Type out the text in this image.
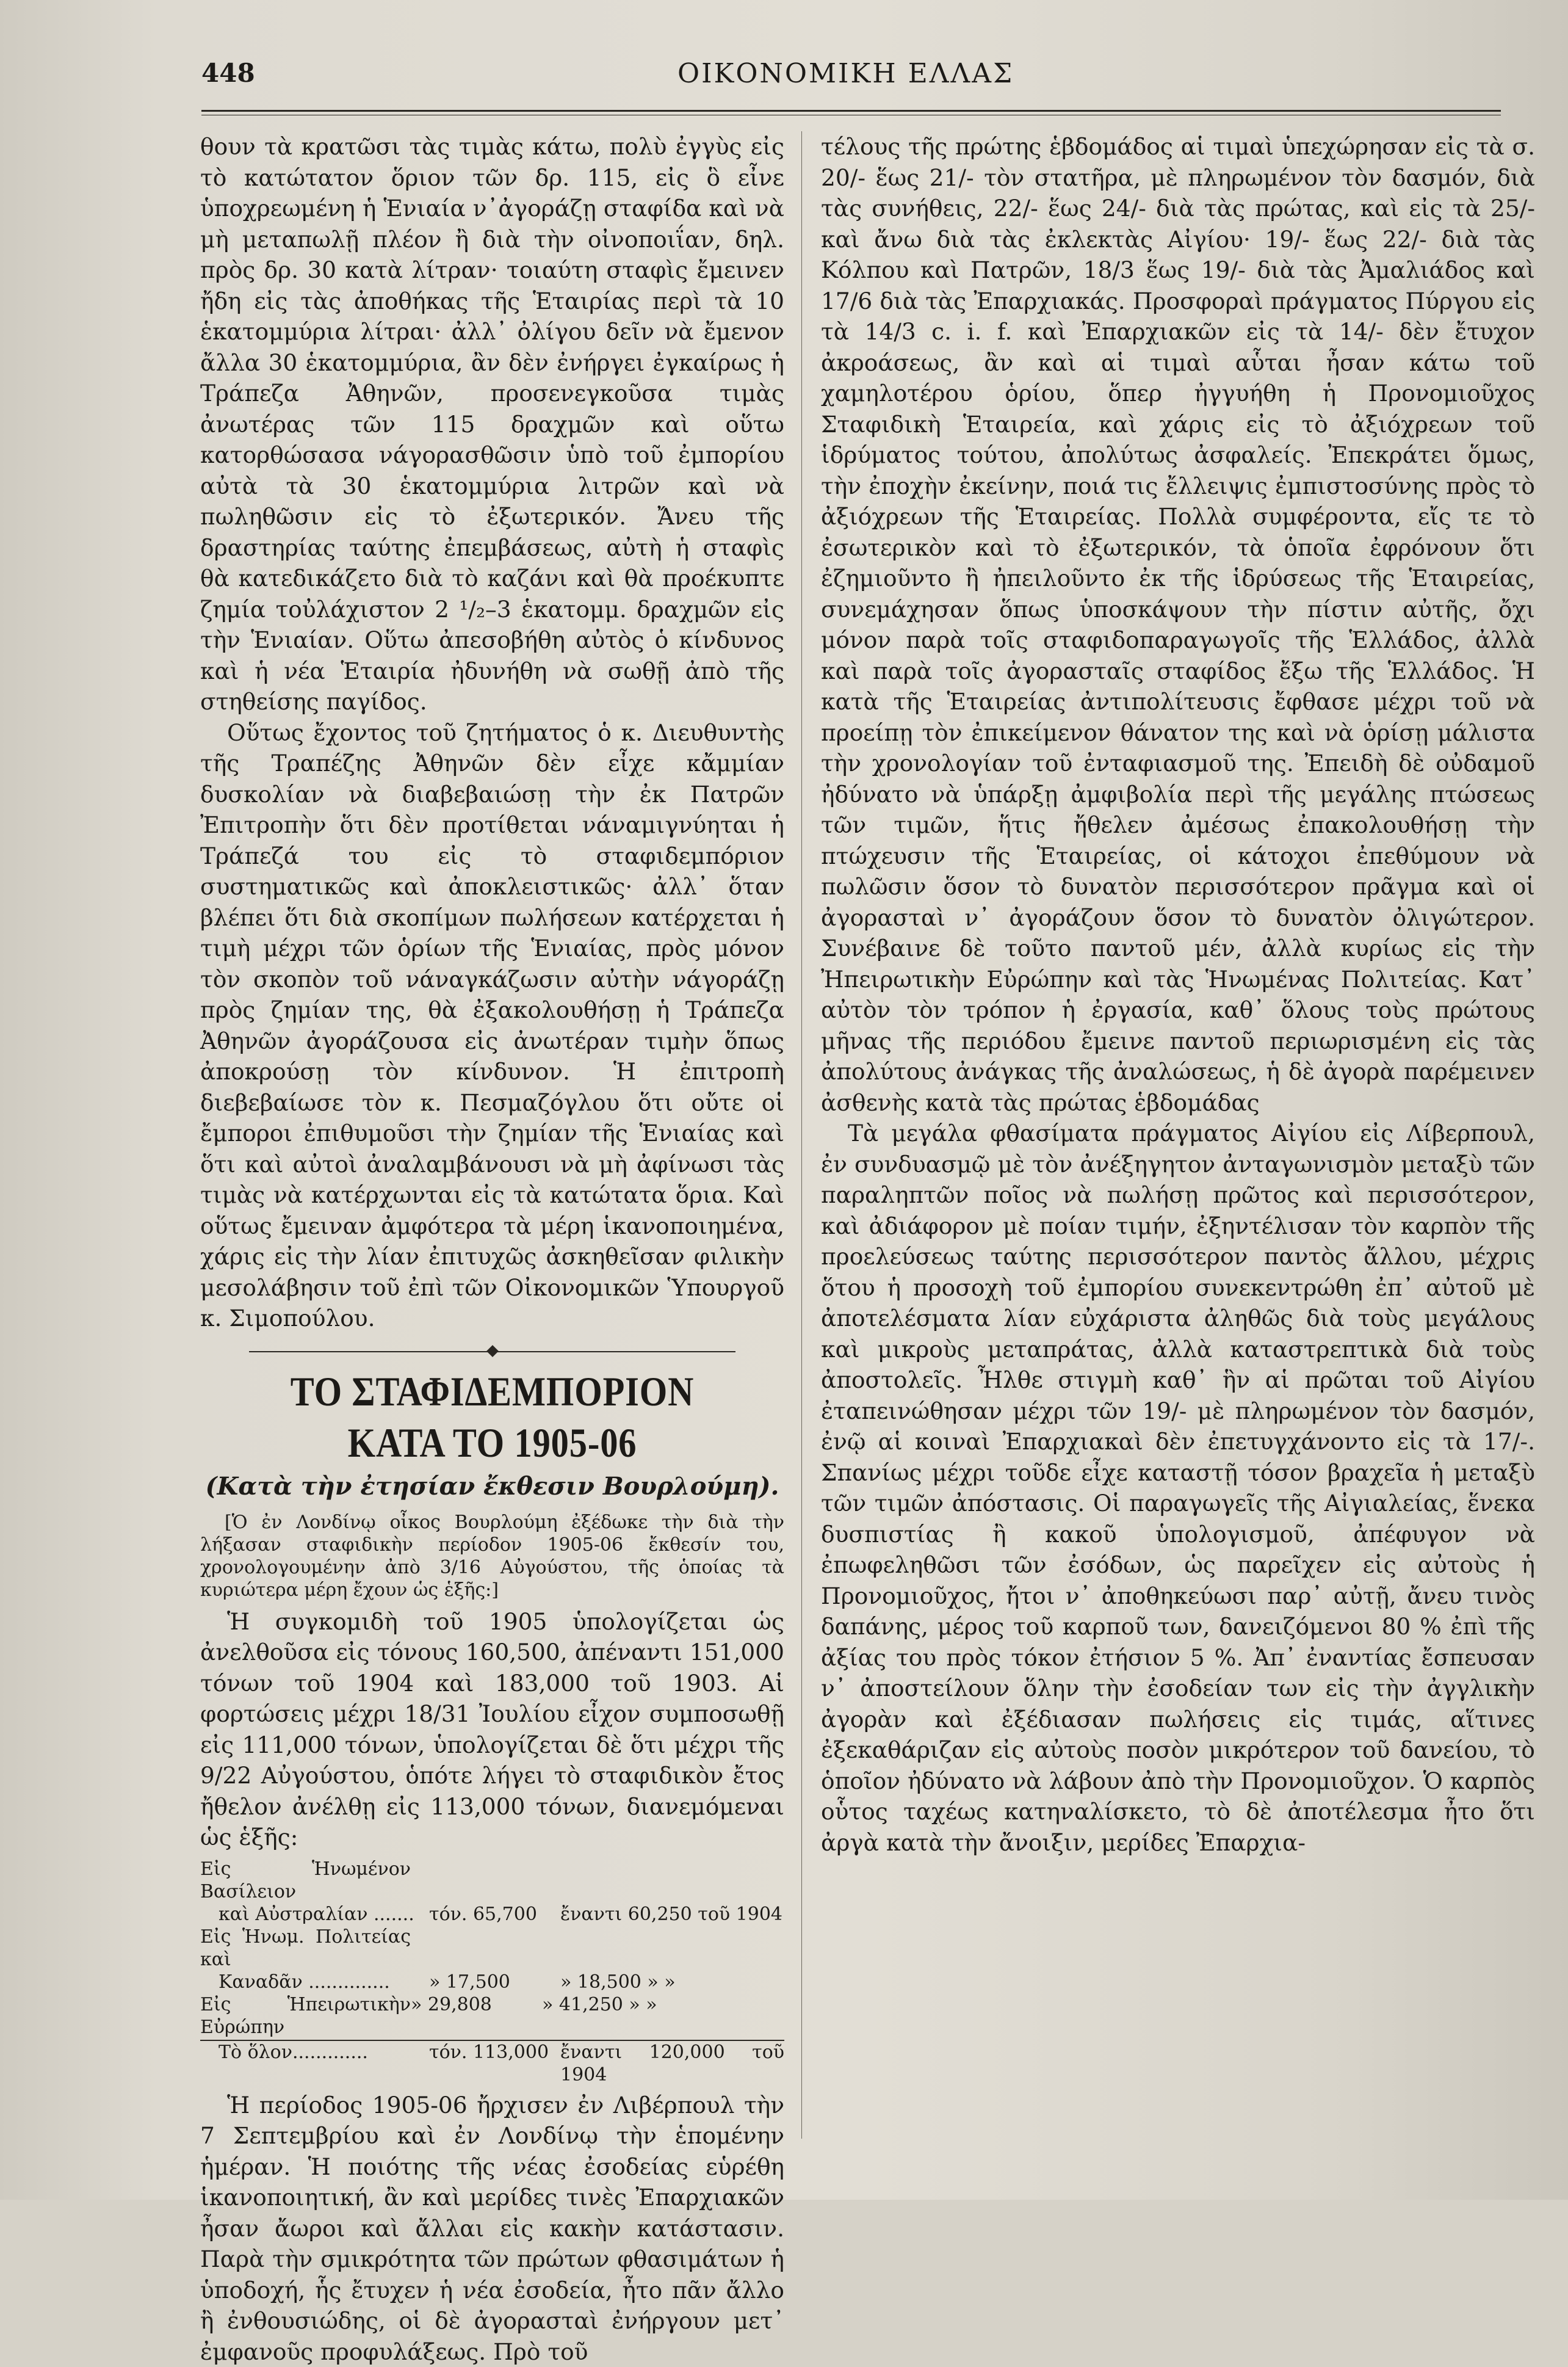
448	ΟΙΚΟΝΟΜΙΚΗ ΕΛΛΑΣ

θουν τὰ κρατῶσι τὰς τιμὰς κάτω, πολὺ ἐγγὺς εἰς τὸ κατώτατον ὅριον τῶν δρ. 115, εἰς ὃ εἶνε ὑποχρεωμένη ἡ Ἑνιαία ν᾽ἀγοράζῃ σταφίδα καὶ νὰ μὴ μεταπωλῇ πλέον ἢ διὰ τὴν οἰνοποιΐαν, δηλ. πρὸς δρ. 30 κατὰ λίτραν· τοιαύτη σταφὶς ἔμεινεν ἤδη εἰς τὰς ἀποθήκας τῆς Ἑταιρίας περὶ τὰ 10 ἑκατομμύρια λίτραι· ἀλλ᾽ ὀλίγου δεῖν νὰ ἔμενον ἄλλα 30 ἑκατομμύρια, ἂν δὲν ἐνήργει ἐγκαίρως ἡ Τράπεζα Ἀθηνῶν, προσενεγκοῦσα τιμὰς ἀνωτέρας τῶν 115 δραχμῶν καὶ οὕτω κατορθώσασα νάγορασθῶσιν ὑπὸ τοῦ ἐμπορίου αὐτὰ τὰ 30 ἑκατομμύρια λιτρῶν καὶ νὰ πωληθῶσιν εἰς τὸ ἐξωτερικόν. Ἄνευ τῆς δραστηρίας ταύτης ἐπεμβάσεως, αὐτὴ ἡ σταφὶς θὰ κατεδικάζετο διὰ τὸ καζάνι καὶ θὰ προέκυπτε ζημία τοὐλάχιστον 2 ¹/₂–3 ἑκατομμ. δραχμῶν εἰς τὴν Ἑνιαίαν. Οὕτω ἀπεσοβήθη αὐτὸς ὁ κίνδυνος καὶ ἡ νέα Ἑταιρία ἠδυνήθη νὰ σωθῇ ἀπὸ τῆς στηθείσης παγίδος.

Οὕτως ἔχοντος τοῦ ζητήματος ὁ κ. Διευθυντὴς τῆς Τραπέζης Ἀθηνῶν δὲν εἶχε κἄμμίαν δυσκολίαν νὰ διαβεβαιώσῃ τὴν ἐκ Πατρῶν Ἐπιτροπὴν ὅτι δὲν προτίθεται νάναμιγνύηται ἡ Τράπεζά του εἰς τὸ σταφιδεμπόριον συστηματικῶς καὶ ἀποκλειστικῶς· ἀλλ᾽ ὅταν βλέπει ὅτι διὰ σκοπίμων πωλήσεων κατέρχεται ἡ τιμὴ μέχρι τῶν ὁρίων τῆς Ἑνιαίας, πρὸς μόνον τὸν σκοπὸν τοῦ νάναγκάζωσιν αὐτὴν νάγοράζῃ πρὸς ζημίαν της, θὰ ἐξακολουθήσῃ ἡ Τράπεζα Ἀθηνῶν ἀγοράζουσα εἰς ἀνωτέραν τιμὴν ὅπως ἀποκρούσῃ τὸν κίνδυνον. Ἡ ἐπιτροπὴ διεβεβαίωσε τὸν κ. Πεσμαζόγλου ὅτι οὔτε οἱ ἔμποροι ἐπιθυμοῦσι τὴν ζημίαν τῆς Ἑνιαίας καὶ ὅτι καὶ αὐτοὶ ἀναλαμβάνουσι νὰ μὴ ἀφίνωσι τὰς τιμὰς νὰ κατέρχωνται εἰς τὰ κατώτατα ὅρια. Καὶ οὕτως ἔμειναν ἀμφότερα τὰ μέρη ἱκανοποιημένα, χάρις εἰς τὴν λίαν ἐπιτυχῶς ἀσκηθεῖσαν φιλικὴν μεσολάβησιν τοῦ ἐπὶ τῶν Οἰκονομικῶν Ὑπουργοῦ κ. Σιμοπούλου.

ΤΟ ΣΤΑΦΙΔΕΜΠΟΡΙΟΝ ΚΑΤΑ ΤΟ 1905-06

(Κατὰ τὴν ἐτησίαν ἔκθεσιν Βουρλούμη).

[Ὁ ἐν Λονδίνῳ οἶκος Βουρλούμη ἐξέδωκε τὴν διὰ τὴν λήξασαν σταφιδικὴν περίοδον 1905-06 ἔκθεσίν του, χρονολογουμένην ἀπὸ 3/16 Αὐγούστου, τῆς ὁποίας τὰ κυριώτερα μέρη ἔχουν ὡς ἑξῆς:]

Ἡ συγκομιδὴ τοῦ 1905 ὑπολογίζεται ὡς ἀνελθοῦσα εἰς τόνους 160,500, ἀπέναντι 151,000 τόνων τοῦ 1904 καὶ 183,000 τοῦ 1903. Αἱ φορτώσεις μέχρι 18/31 Ἰουλίου εἶχον συμποσωθῇ εἰς 111,000 τόνων, ὑπολογίζεται δὲ ὅτι μέχρι τῆς 9/22 Αὐγούστου, ὁπότε λήγει τὸ σταφιδικὸν ἔτος ἤθελον ἀνέλθῃ εἰς 113,000 τόνων, διανεμόμεναι ὡς ἑξῆς:

Εἰς Ἡνωμένον Βασίλειον
καὶ Αὐστραλίαν ....... τόν. 65,700	ἔναντι 60,250 τοῦ 1904
Εἰς Ἡνωμ. Πολιτείας καὶ
Καναδᾶν ..............	» 17,500	» 18,500 » »
Εἰς Ἡπειρωτικὴν Εὐρώπην
» 29,808	» 41,250 » »
Τὸ ὅλον.............	τόν. 113,000 ἔναντι 120,000 τοῦ 1904

Ἡ περίοδος 1905-06 ἤρχισεν ἐν Λιβέρπουλ τὴν 7 Σεπτεμβρίου καὶ ἐν Λονδίνῳ τὴν ἑπομένην ἡμέραν. Ἡ ποιότης τῆς νέας ἐσοδείας εὑρέθη ἱκανοποιητική, ἂν καὶ μερίδες τινὲς Ἐπαρχιακῶν ἦσαν ἄωροι καὶ ἄλλαι εἰς κακὴν κατάστασιν. Παρὰ τὴν σμικρότητα τῶν πρώτων φθασιμάτων ἡ ὑποδοχή, ἧς ἔτυχεν ἡ νέα ἐσοδεία, ἦτο πᾶν ἄλλο ἢ ἐνθουσιώδης, οἱ δὲ ἀγορασταὶ ἐνήργουν μετ᾽ ἐμφανοῦς προφυλάξεως. Πρὸ τοῦ

τέλους τῆς πρώτης ἑβδομάδος αἱ τιμαὶ ὑπεχώρησαν εἰς τὰ σ. 20/- ἕως 21/- τὸν στατῆρα, μὲ πληρωμένον τὸν δασμόν, διὰ τὰς συνήθεις, 22/- ἕως 24/- διὰ τὰς πρώτας, καὶ εἰς τὰ 25/- καὶ ἄνω διὰ τὰς ἐκλεκτὰς Αἰγίου· 19/- ἕως 22/- διὰ τὰς Κόλπου καὶ Πατρῶν, 18/3 ἕως 19/- διὰ τὰς Ἀμαλιάδος καὶ 17/6 διὰ τὰς Ἐπαρχιακάς. Προσφοραὶ πράγματος Πύργου εἰς τὰ 14/3 c. i. f. καὶ Ἐπαρχιακῶν εἰς τὰ 14/- δὲν ἔτυχον ἀκροάσεως, ἂν καὶ αἱ τιμαὶ αὗται ἦσαν κάτω τοῦ χαμηλοτέρου ὁρίου, ὅπερ ἠγγυήθη ἡ Προνομιοῦχος Σταφιδικὴ Ἑταιρεία, καὶ χάρις εἰς τὸ ἀξιόχρεων τοῦ ἱδρύματος τούτου, ἀπολύτως ἀσφαλείς. Ἐπεκράτει ὅμως, τὴν ἐποχὴν ἐκείνην, ποιά τις ἔλλειψις ἐμπιστοσύνης πρὸς τὸ ἀξιόχρεων τῆς Ἑταιρείας. Πολλὰ συμφέροντα, εἴς τε τὸ ἐσωτερικὸν καὶ τὸ ἐξωτερικόν, τὰ ὁποῖα ἐφρόνουν ὅτι ἐζημιοῦντο ἢ ἠπειλοῦντο ἐκ τῆς ἱδρύσεως τῆς Ἑταιρείας, συνεμάχησαν ὅπως ὑποσκάψουν τὴν πίστιν αὐτῆς, ὄχι μόνον παρὰ τοῖς σταφιδοπαραγωγοῖς τῆς Ἑλλάδος, ἀλλὰ καὶ παρὰ τοῖς ἀγορασταῖς σταφίδος ἔξω τῆς Ἑλλάδος. Ἡ κατὰ τῆς Ἑταιρείας ἀντιπολίτευσις ἔφθασε μέχρι τοῦ νὰ προείπῃ τὸν ἐπικείμενον θάνατον της καὶ νὰ ὁρίσῃ μάλιστα τὴν χρονολογίαν τοῦ ἐνταφιασμοῦ της. Ἐπειδὴ δὲ οὐδαμοῦ ἠδύνατο νὰ ὑπάρξῃ ἀμφιβολία περὶ τῆς μεγάλης πτώσεως τῶν τιμῶν, ἥτις ἤθελεν ἀμέσως ἐπακολουθήσῃ τὴν πτώχευσιν τῆς Ἑταιρείας, οἱ κάτοχοι ἐπεθύμουν νὰ πωλῶσιν ὅσον τὸ δυνατὸν περισσότερον πρᾶγμα καὶ οἱ ἀγορασταὶ ν᾽ ἀγοράζουν ὅσον τὸ δυνατὸν ὀλιγώτερον. Συνέβαινε δὲ τοῦτο παντοῦ μέν, ἀλλὰ κυρίως εἰς τὴν Ἠπειρωτικὴν Εὐρώπην καὶ τὰς Ἡνωμένας Πολιτείας. Κατ᾽ αὐτὸν τὸν τρόπον ἡ ἐργασία, καθ᾽ ὅλους τοὺς πρώτους μῆνας τῆς περιόδου ἔμεινε παντοῦ περιωρισμένη εἰς τὰς ἀπολύτους ἀνάγκας τῆς ἀναλώσεως, ἡ δὲ ἀγορὰ παρέμεινεν ἀσθενὴς κατὰ τὰς πρώτας ἑβδομάδας

Τὰ μεγάλα φθασίματα πράγματος Αἰγίου εἰς Λίβερπουλ, ἐν συνδυασμῷ μὲ τὸν ἀνέξηγητον ἀνταγωνισμὸν μεταξὺ τῶν παραληπτῶν ποῖος νὰ πωλήσῃ πρῶτος καὶ περισσότερον, καὶ ἀδιάφορον μὲ ποίαν τιμήν, ἐξηντέλισαν τὸν καρπὸν τῆς προελεύσεως ταύτης περισσότερον παντὸς ἄλλου, μέχρις ὅτου ἡ προσοχὴ τοῦ ἐμπορίου συνεκεντρώθη ἐπ᾽ αὐτοῦ μὲ ἀποτελέσματα λίαν εὐχάριστα ἀληθῶς διὰ τοὺς μεγάλους καὶ μικροὺς μεταπράτας, ἀλλὰ καταστρεπτικὰ διὰ τοὺς ἀποστολεῖς. Ἦλθε στιγμὴ καθ᾽ ἣν αἱ πρῶται τοῦ Αἰγίου ἐταπεινώθησαν μέχρι τῶν 19/- μὲ πληρωμένον τὸν δασμόν, ἐνῷ αἱ κοιναὶ Ἐπαρχιακαὶ δὲν ἐπετυγχάνοντο εἰς τὰ 17/-. Σπανίως μέχρι τοῦδε εἶχε καταστῇ τόσον βραχεῖα ἡ μεταξὺ τῶν τιμῶν ἀπόστασις. Οἱ παραγωγεῖς τῆς Αἰγιαλείας, ἕνεκα δυσπιστίας ἢ κακοῦ ὑπολογισμοῦ, ἀπέφυγον νὰ ἐπωφεληθῶσι τῶν ἐσόδων, ὡς παρεῖχεν εἰς αὐτοὺς ἡ Προνομιοῦχος, ἤτοι ν᾽ ἀποθηκεύωσι παρ᾽ αὐτῇ, ἄνευ τινὸς δαπάνης, μέρος τοῦ καρποῦ των, δανειζόμενοι 80 % ἐπὶ τῆς ἀξίας του πρὸς τόκον ἐτήσιον 5 %. Ἀπ᾽ ἐναντίας ἔσπευσαν ν᾽ ἀποστείλουν ὅλην τὴν ἐσοδείαν των εἰς τὴν ἀγγλικὴν ἀγορὰν καὶ ἐξέδιασαν πωλήσεις εἰς τιμάς, αἵτινες ἐξεκαθάριζαν εἰς αὐτοὺς ποσὸν μικρότερον τοῦ δανείου, τὸ ὁποῖον ἠδύνατο νὰ λάβουν ἀπὸ τὴν Προνομιοῦχον. Ὁ καρπὸς οὗτος ταχέως κατηναλίσκετο, τὸ δὲ ἀποτέλεσμα ἦτο ὅτι ἀργὰ κατὰ τὴν ἄνοιξιν, μερίδες Ἐπαρχια-
